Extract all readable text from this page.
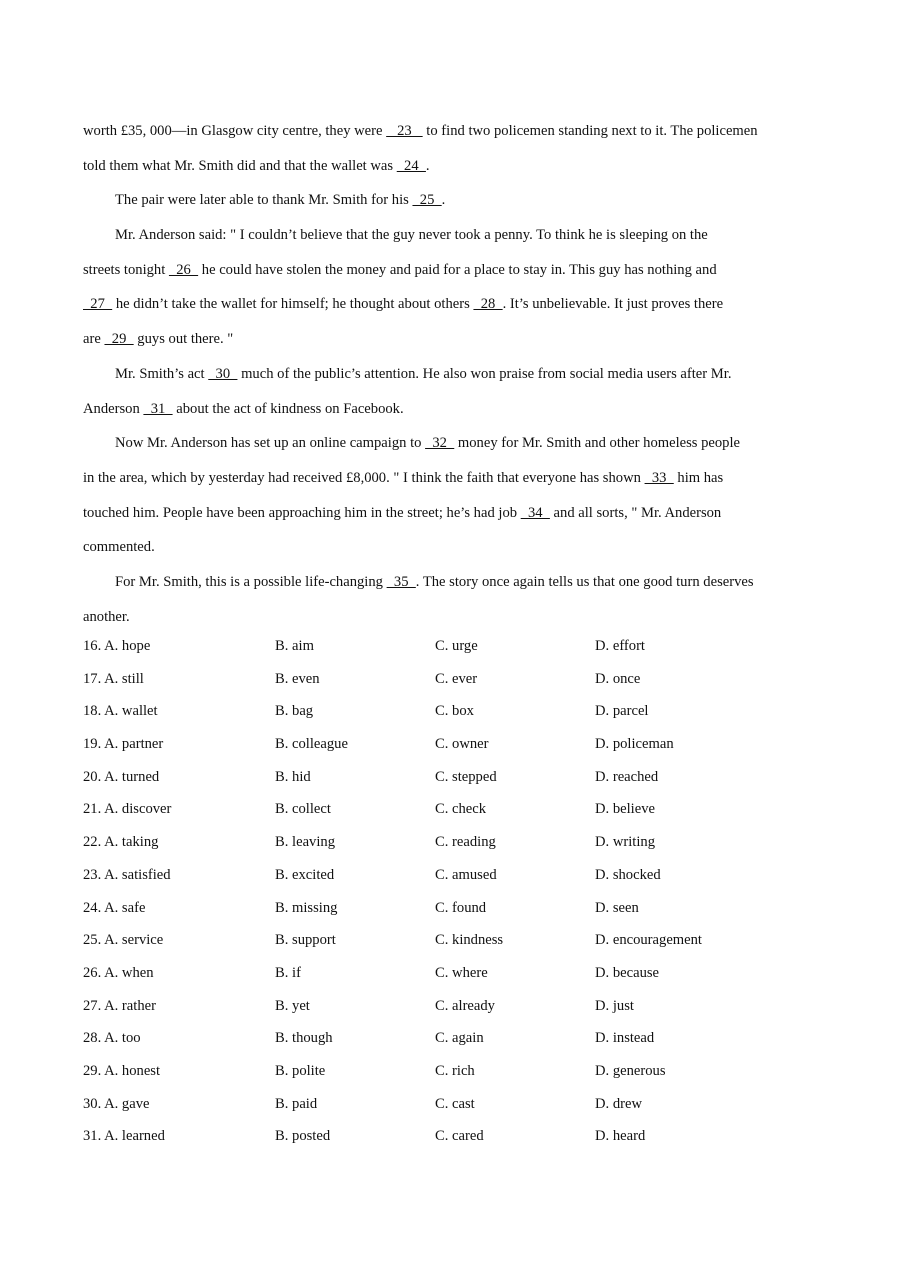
worth £35, 000—in Glasgow city centre, they were    23    to find two policemen standing next to it. The policemen
told them what Mr. Smith did and that the wallet was   24  .
The pair were later able to thank Mr. Smith for his   25  .
Mr. Anderson said: " I couldn’t believe that the guy never took a penny. To think he is sleeping on the
streets tonight   26   he could have stolen the money and paid for a place to stay in. This guy has nothing and
27   he didn’t take the wallet for himself; he thought about others   28  . It’s unbelievable. It just proves there
are   29   guys out there. "
Mr. Smith’s act   30   much of the public’s attention. He also won praise from social media users after Mr.
Anderson   31   about the act of kindness on Facebook.
Now Mr. Anderson has set up an online campaign to   32   money for Mr. Smith and other homeless people
in the area, which by yesterday had received £8,000. " I think the faith that everyone has shown   33   him has
touched him. People have been approaching him in the street; he’s had job   34   and all sorts, " Mr. Anderson
commented.
For Mr. Smith, this is a possible life-changing   35  . The story once again tells us that one good turn deserves
another.
16. A. hope	B. aim	C. urge	D. effort
17. A. still	B. even	C. ever	D. once
18. A. wallet	B. bag	C. box	D. parcel
19. A. partner	B. colleague	C. owner	D. policeman
20. A. turned	B. hid	C. stepped	D. reached
21. A. discover	B. collect	C. check	D. believe
22. A. taking	B. leaving	C. reading	D. writing
23. A. satisfied	B. excited	C. amused	D. shocked
24. A. safe	B. missing	C. found	D. seen
25. A. service	B. support	C. kindness	D. encouragement
26. A. when	B. if	C. where	D. because
27. A. rather	B. yet	C. already	D. just
28. A. too	B. though	C. again	D. instead
29. A. honest	B. polite	C. rich	D. generous
30. A. gave	B. paid	C. cast	D. drew
31. A. learned	B. posted	C. cared	D. heard
